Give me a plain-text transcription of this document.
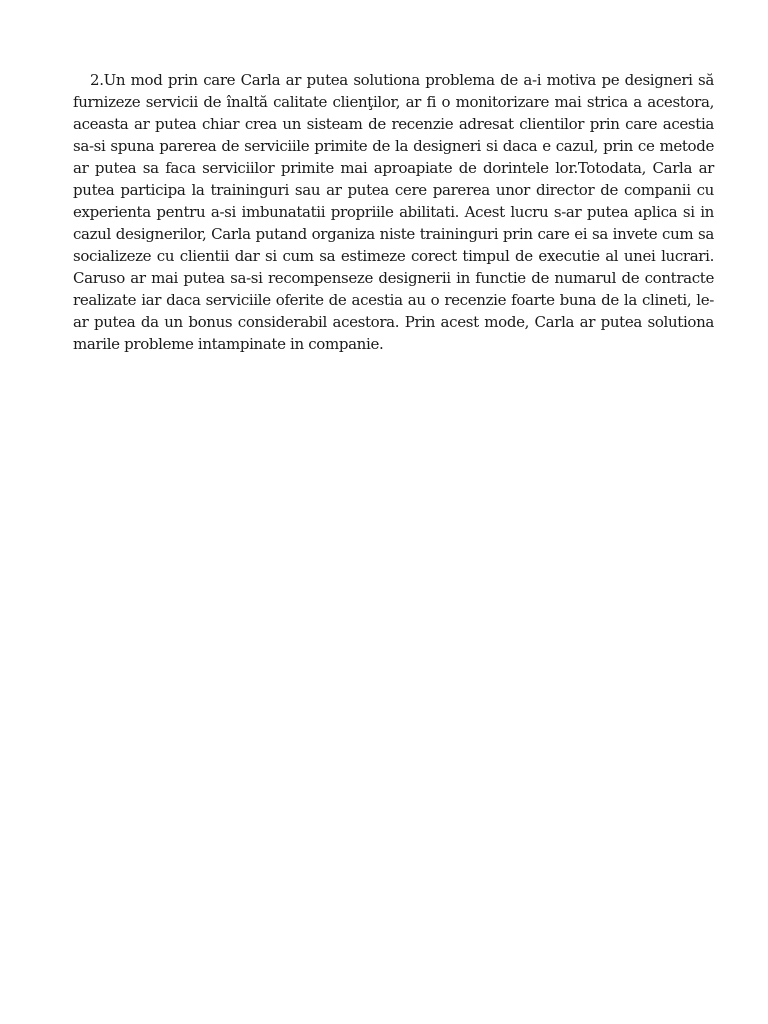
2.Un mod prin care Carla ar putea solutiona problema de a-i motiva pe designeri să furnizeze servicii de înaltă calitate clienţilor, ar fi o monitorizare mai strica a acestora, aceasta ar putea chiar crea un sisteam de recenzie adresat clientilor prin care acestia sa-si spuna parerea de serviciile primite de la designeri si daca e cazul, prin ce metode ar putea sa faca serviciilor primite mai aproapiate de dorintele lor.Totodata, Carla ar putea participa la traininguri sau ar putea cere parerea unor director de companii cu experienta pentru a-si imbunatatii propriile abilitati. Acest lucru s-ar putea aplica si in cazul designerilor, Carla putand organiza niste traininguri prin care ei sa invete cum sa socializeze cu clientii dar si cum sa estimeze corect timpul de executie al unei lucrari. Caruso ar mai putea sa-si recompenseze designerii in functie de numarul de contracte realizate iar daca serviciile oferite de acestia au o recenzie foarte buna de la clineti, le-ar putea da un bonus considerabil acestora. Prin acest mode, Carla ar putea solutiona marile probleme intampinate in companie.
